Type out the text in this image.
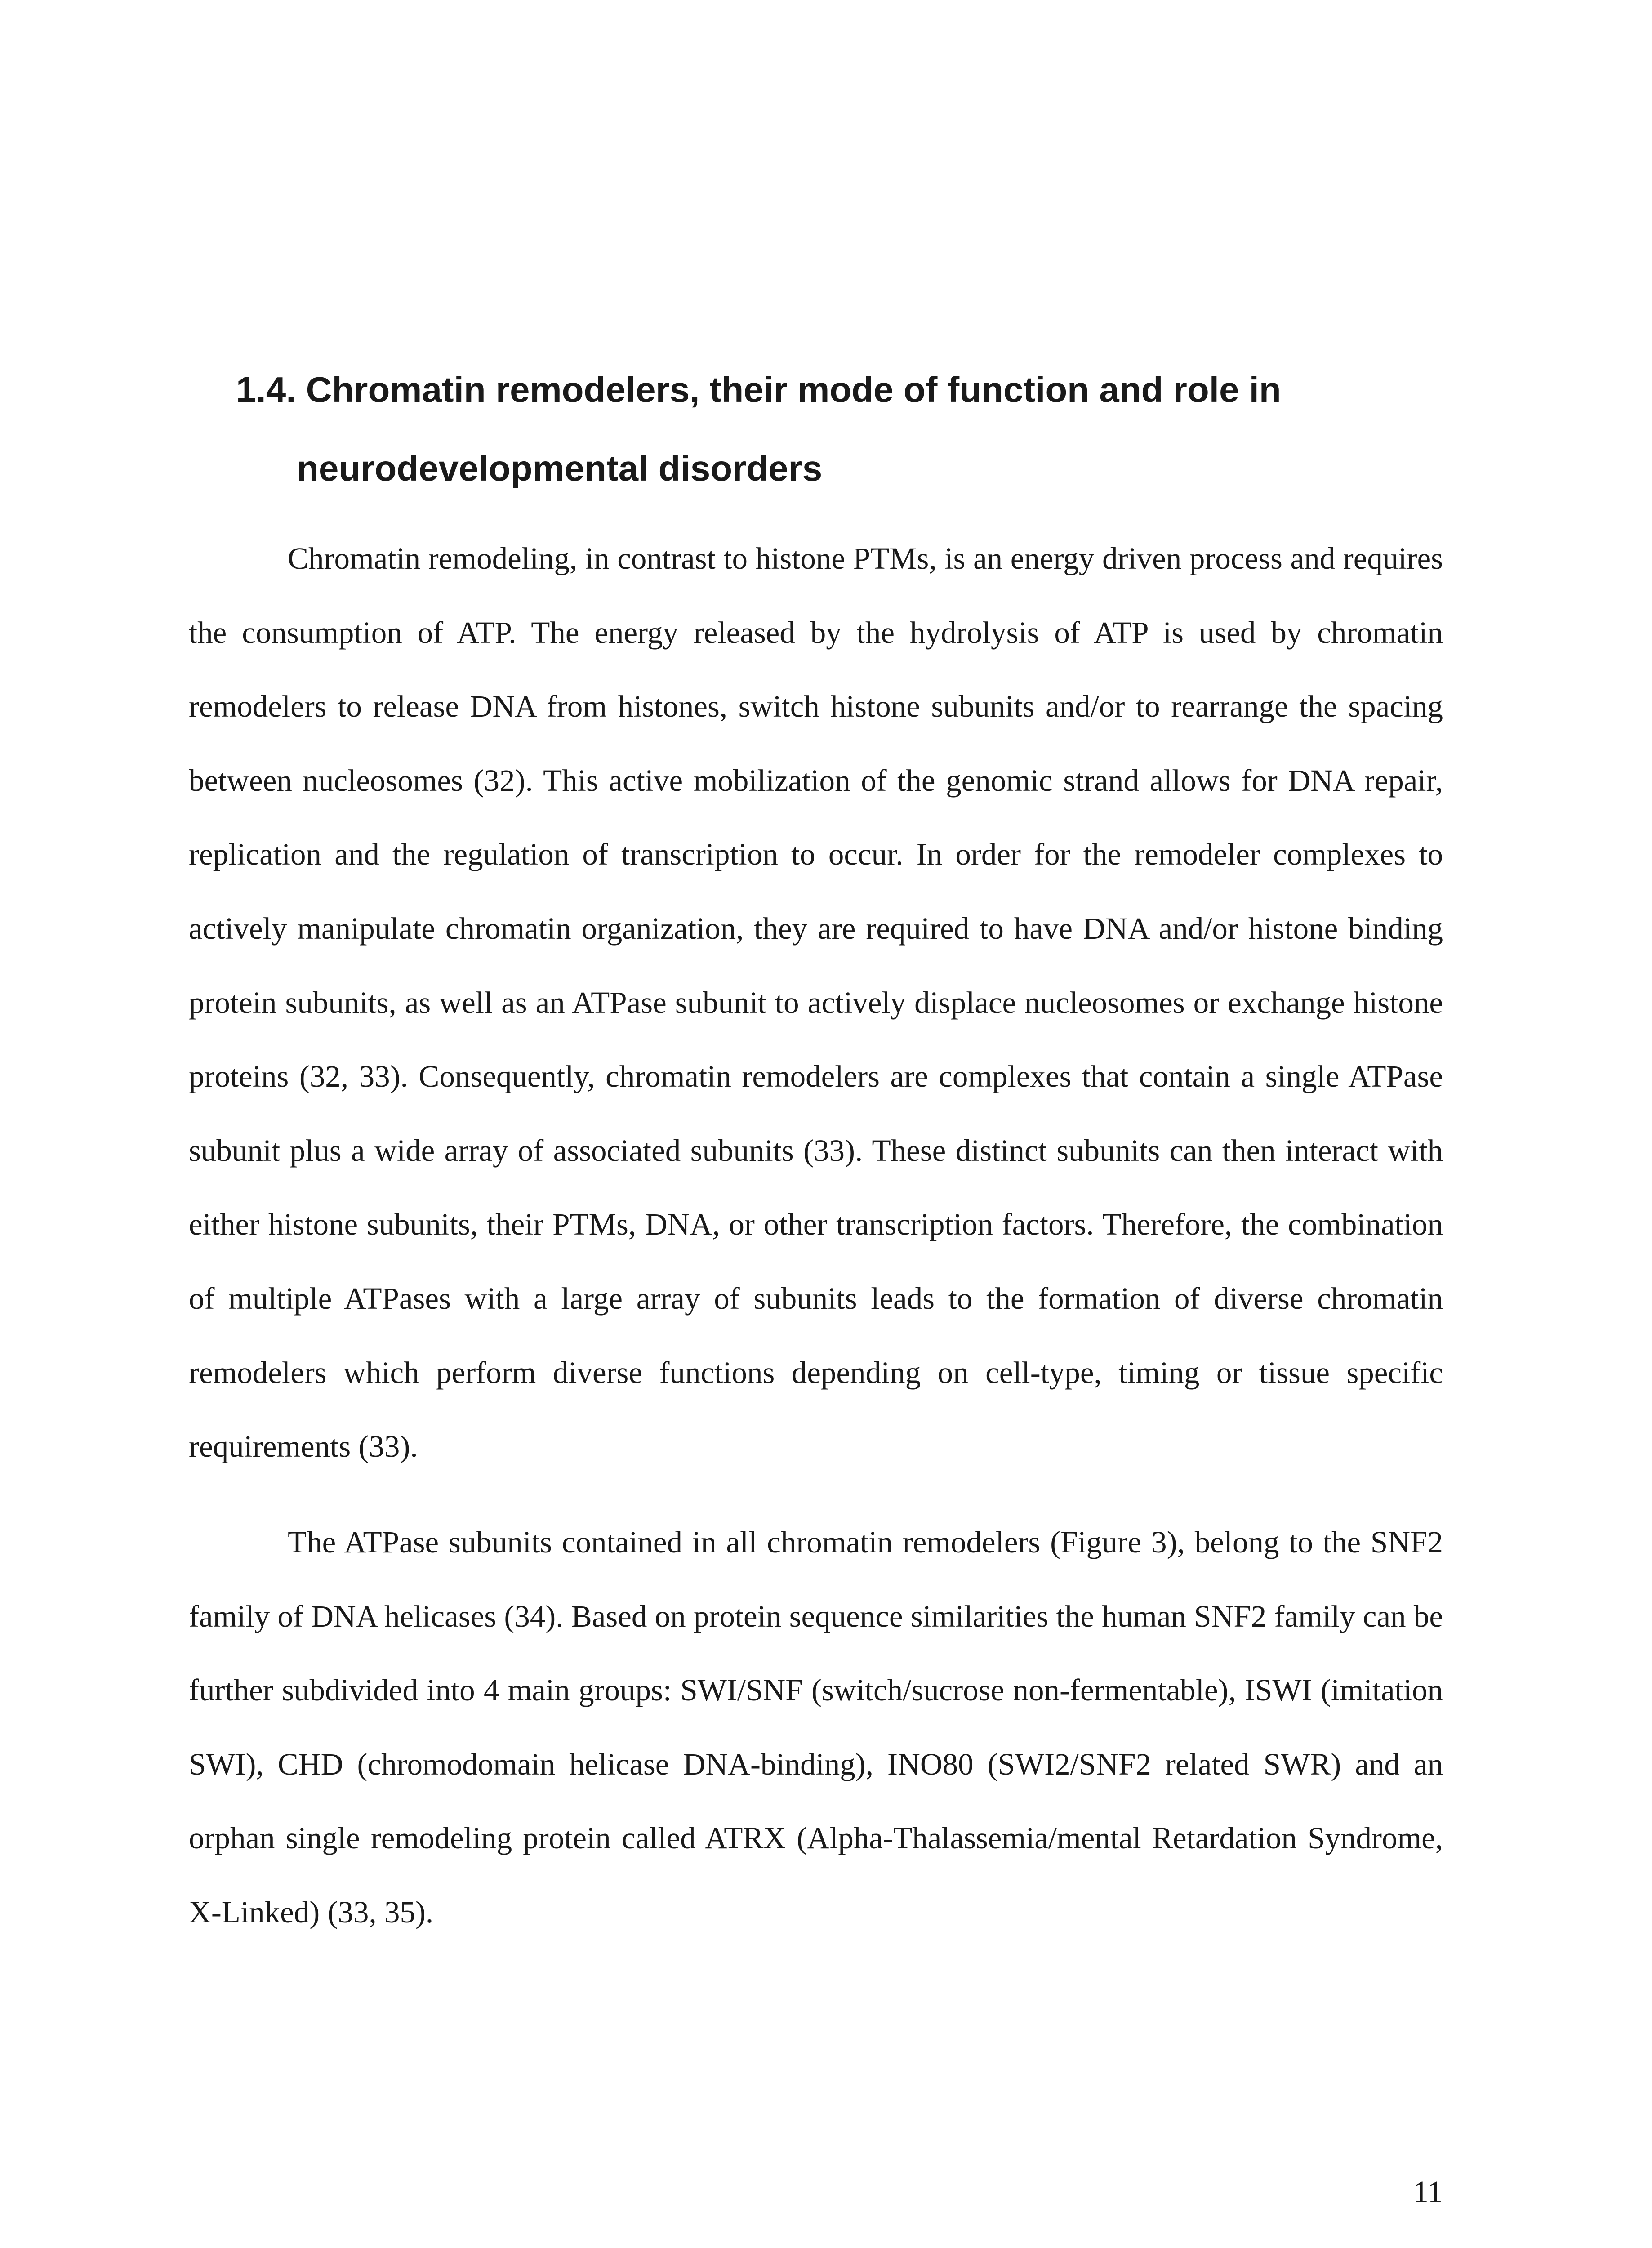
1.4. Chromatin remodelers, their mode of function and role in
neurodevelopmental disorders

Chromatin remodeling, in contrast to histone PTMs, is an energy driven process and requires the consumption of ATP. The energy released by the hydrolysis of ATP is used by chromatin remodelers to release DNA from histones, switch histone subunits and/or to rearrange the spacing between nucleosomes (32). This active mobilization of the genomic strand allows for DNA repair, replication and the regulation of transcription to occur. In order for the remodeler complexes to actively manipulate chromatin organization, they are required to have DNA and/or histone binding protein subunits, as well as an ATPase subunit to actively displace nucleosomes or exchange histone proteins (32, 33). Consequently, chromatin remodelers are complexes that contain a single ATPase subunit plus a wide array of associated subunits (33). These distinct subunits can then interact with either histone subunits, their PTMs, DNA, or other transcription factors. Therefore, the combination of multiple ATPases with a large array of subunits leads to the formation of diverse chromatin remodelers which perform diverse functions depending on cell-type, timing or tissue specific requirements (33).

The ATPase subunits contained in all chromatin remodelers (Figure 3), belong to the SNF2 family of DNA helicases (34). Based on protein sequence similarities the human SNF2 family can be further subdivided into 4 main groups: SWI/SNF (switch/sucrose non-fermentable), ISWI (imitation SWI), CHD (chromodomain helicase DNA-binding), INO80 (SWI2/SNF2 related SWR) and an orphan single remodeling protein called ATRX (Alpha-Thalassemia/mental Retardation Syndrome, X-Linked) (33, 35).

11
